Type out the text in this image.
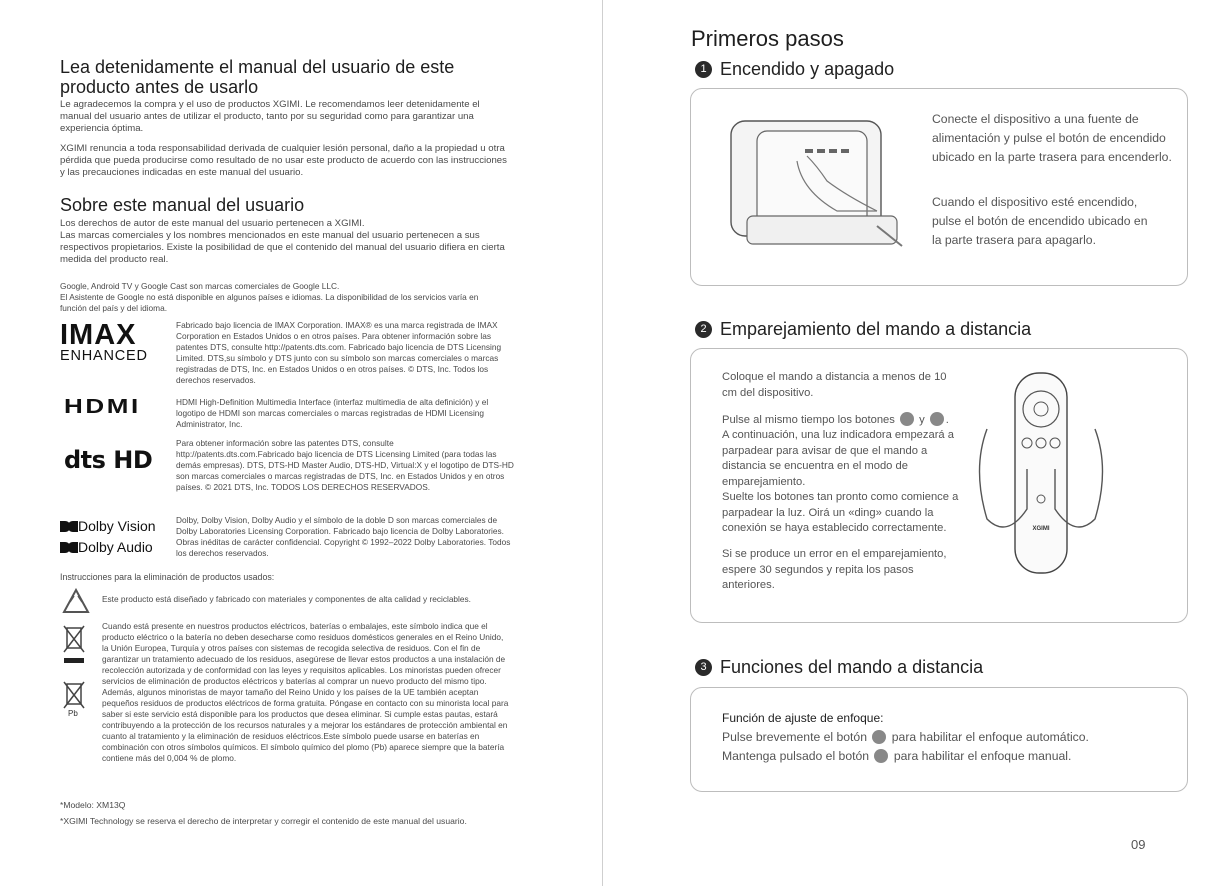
Lea detenidamente el manual del usuario de este producto antes de usarlo

Le agradecemos la compra y el uso de productos XGIMI. Le recomendamos leer detenidamente el manual del usuario antes de utilizar el producto, tanto por su seguridad como para garantizar una experiencia óptima.

XGIMI renuncia a toda responsabilidad derivada de cualquier lesión personal, daño a la propiedad u otra pérdida que pueda producirse como resultado de no usar este producto de acuerdo con las instrucciones y las precauciones indicadas en este manual del usuario.

Sobre este manual del usuario

Los derechos de autor de este manual del usuario pertenecen a XGIMI.

Las marcas comerciales y los nombres mencionados en este manual del usuario pertenecen a sus respectivos propietarios. Existe la posibilidad de que el contenido del manual del usuario difiera en cierta medida del producto real.

Google, Android TV y Google Cast son marcas comerciales de Google LLC.

El Asistente de Google no está disponible en algunos países e idiomas. La disponibilidad de los servicios varía en función del país y del idioma.

IMAX
ENHANCED

Fabricado bajo licencia de IMAX Corporation. IMAX® es una marca registrada de IMAX Corporation en Estados Unidos o en otros países. Para obtener información sobre las patentes DTS, consulte http://patents.dts.com. Fabricado bajo licencia de DTS Licensing Limited. DTS,su símbolo y DTS junto con su símbolo son marcas comerciales o marcas registradas de DTS, Inc. en Estados Unidos o en otros países. © DTS, Inc. Todos los derechos reservados.

HDMI	HDMI High-Definition Multimedia Interface (interfaz multimedia de alta definición) y el logotipo de HDMI son marcas comerciales o marcas registradas de HDMI Licensing Administrator, Inc.

dts HD

Para obtener información sobre las patentes DTS, consulte http://patents.dts.com.Fabricado bajo licencia de DTS Licensing Limited (para todas las demás empresas). DTS, DTS-HD Master Audio, DTS-HD, Virtual:X y el logotipo de DTS-HD son marcas comerciales o marcas registradas de DTS, Inc. en Estados Unidos y en otros países. © 2021 DTS, Inc. TODOS LOS DERECHOS RESERVADOS.

Dolby Vision
Dolby Audio

Dolby, Dolby Vision, Dolby Audio y el símbolo de la doble D son marcas comerciales de Dolby Laboratories Licensing Corporation. Fabricado bajo licencia de Dolby Laboratories. Obras inéditas de carácter confidencial. Copyright © 1992–2022 Dolby Laboratories. Todos los derechos reservados.

Instrucciones para la eliminación de productos usados:

Este producto está diseñado y fabricado con materiales y componentes de alta calidad y reciclables.

Pb

Cuando está presente en nuestros productos eléctricos, baterías o embalajes, este símbolo indica que el producto eléctrico o la batería no deben desecharse como residuos domésticos generales en el Reino Unido, la Unión Europea, Turquía y otros países con sistemas de recogida selectiva de residuos. Con el fin de garantizar un tratamiento adecuado de los residuos, asegúrese de llevar estos productos a una instalación de recolección autorizada y de conformidad con las leyes y requisitos aplicables. Los minoristas pueden ofrecer servicios de eliminación de productos eléctricos y baterías al comprar un nuevo producto del mismo tipo. Además, algunos minoristas de mayor tamaño del Reino Unido y los países de la UE también aceptan pequeños residuos de productos eléctricos de forma gratuita. Póngase en contacto con su minorista local para saber si este servicio está disponible para los productos que desea eliminar. Si cumple estas pautas, estará contribuyendo a la protección de los recursos naturales y a mejorar los estándares de protección ambiental en cuanto al tratamiento y la eliminación de residuos eléctricos.Este símbolo puede usarse en baterías en combinación con otros símbolos químicos. El símbolo químico del plomo (Pb) aparece siempre que la batería contiene más del 0,004 % de plomo.

*Modelo: XM13Q

*XGIMI Technology se reserva el derecho de interpretar y corregir el contenido de este manual del usuario.

Primeros pasos
1 Encendido y apagado

Conecte el dispositivo a una fuente de alimentación y pulse el botón de encendido ubicado en la parte trasera para encenderlo.

Cuando el dispositivo esté encendido, pulse el botón de encendido ubicado en la parte trasera para apagarlo.

2 Emparejamiento del mando a distancia

Coloque el mando a distancia a menos de 10 cm del dispositivo.

Pulse al mismo tiempo los botones y .

A continuación, una luz indicadora empezará a parpadear para avisar de que el mando a distancia se encuentra en el modo de emparejamiento.

Suelte los botones tan pronto como comience a parpadear la luz. Oirá un «ding» cuando la conexión se haya establecido correctamente.

Si se produce un error en el emparejamiento, espere 30 segundos y repita los pasos anteriores.

XGIMI
3 Funciones del mando a distancia

Función de ajuste de enfoque:

Pulse brevemente el botón para habilitar el enfoque automático.

Mantenga pulsado el botón para habilitar el enfoque manual.

09
